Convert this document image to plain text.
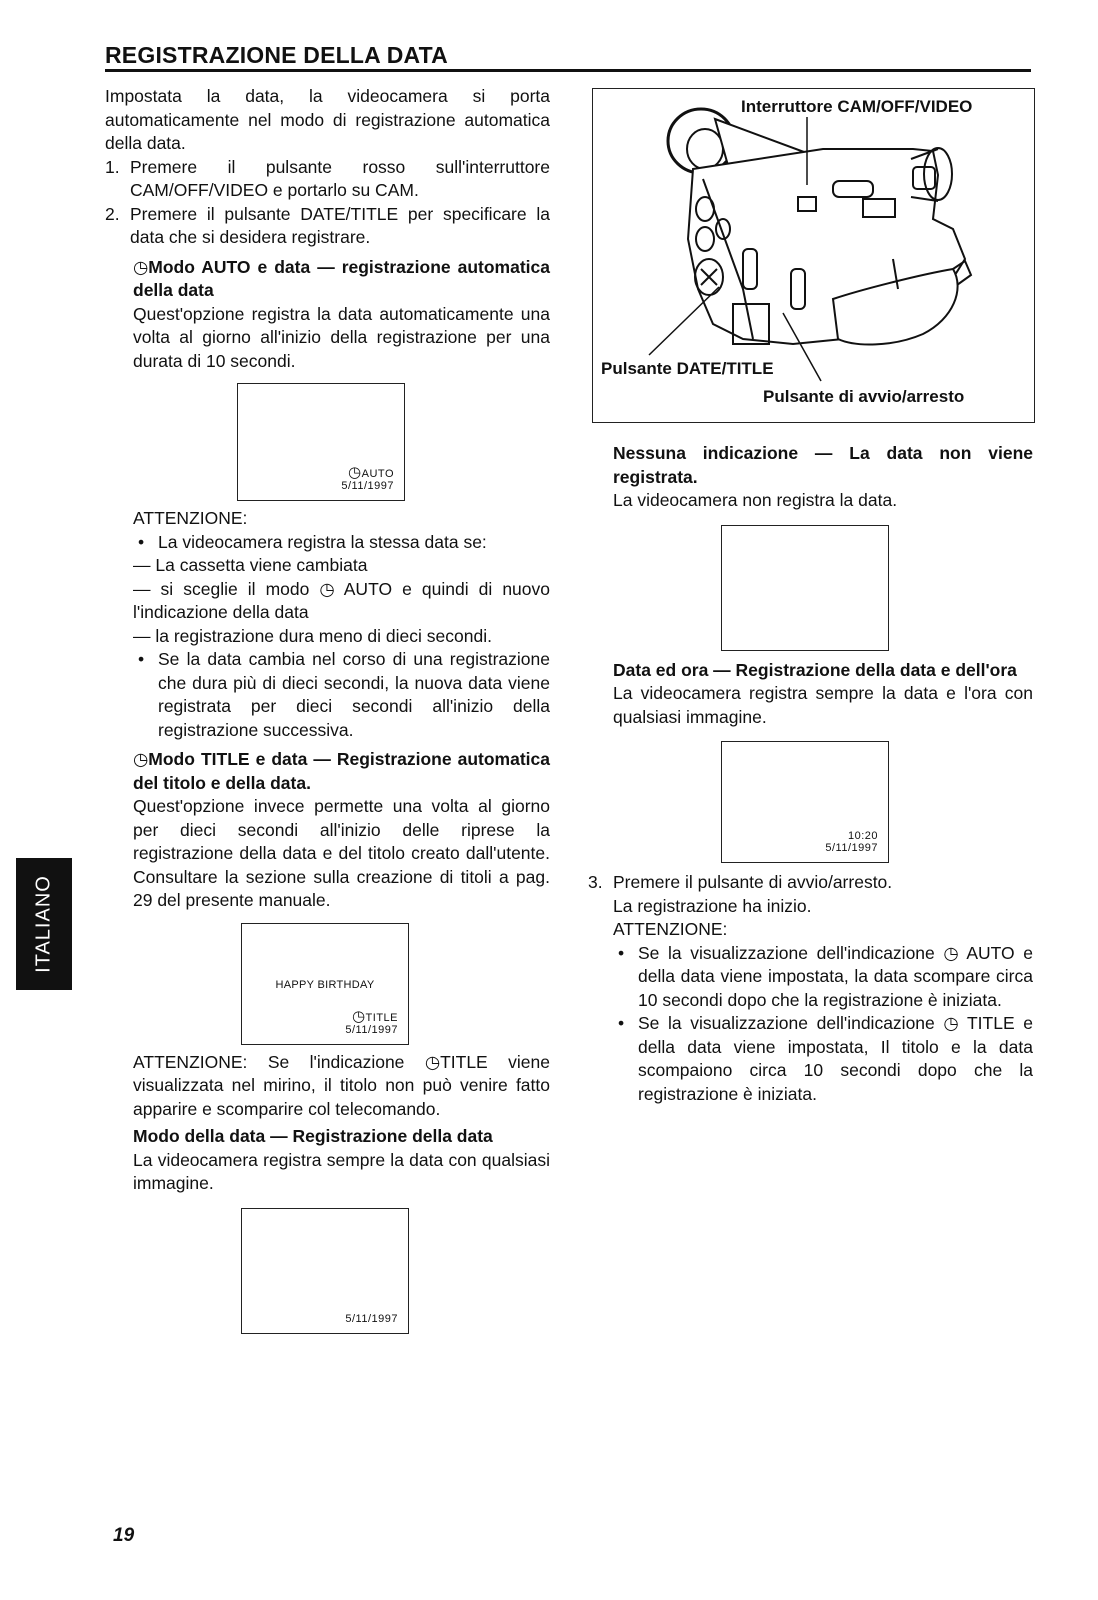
REGISTRAZIONE DELLA DATA

Impostata la data, la videocamera si porta automaticamente nel modo di registrazione automatica della data.

1. Premere il pulsante rosso sull'interruttore CAM/OFF/VIDEO e portarlo su CAM.
2. Premere il pulsante DATE/TITLE per specificare la data che si desidera registrare.

◷Modo AUTO e data — registrazione automatica della data

Quest'opzione registra la data automaticamente una volta al giorno all'inizio della registrazione per una durata di 10 secondi.

◷AUTO
5/11/1997

ATTENZIONE:

• La videocamera registra la stessa data se:

— La cassetta viene cambiata

— si sceglie il modo ◷ AUTO e quindi di nuovo l'indicazione della data

— la registrazione dura meno di dieci secondi.

• Se la data cambia nel corso di una registrazione che dura più di dieci secondi, la nuova data viene registrata per dieci secondi all'inizio della registrazione successiva.

◷Modo TITLE e data — Registrazione automatica del titolo e della data.

Quest'opzione invece permette una volta al giorno per dieci secondi all'inizio delle riprese la registrazione della data e del titolo creato dall'utente. Consultare la sezione sulla creazione di titoli a pag. 29 del presente manuale.

HAPPY BIRTHDAY
◷TITLE
5/11/1997

ATTENZIONE: Se l'indicazione ◷TITLE viene visualizzata nel mirino, il titolo non può venire fatto apparire e scomparire col telecomando.

Modo della data — Registrazione della data

La videocamera registra sempre la data con qualsiasi immagine.

5/11/1997
Interruttore CAM/OFF/VIDEO
Pulsante DATE/TITLE
Pulsante di avvio/arresto

Nessuna indicazione — La data non viene registrata.

La videocamera non registra la data.

Data ed ora — Registrazione della data e dell'ora

La videocamera registra sempre la data e l'ora con qualsiasi immagine.

10:20
5/11/1997
3. Premere il pulsante di avvio/arresto.

La registrazione ha inizio.

ATTENZIONE:

• Se la visualizzazione dell'indicazione ◷ AUTO e della data viene impostata, la data scompare circa 10 secondi dopo che la registrazione è iniziata.
• Se la visualizzazione dell'indicazione ◷ TITLE e della data viene impostata, Il titolo e la data scompaiono circa 10 secondi dopo che la registrazione è iniziata.
ITALIANO
19
